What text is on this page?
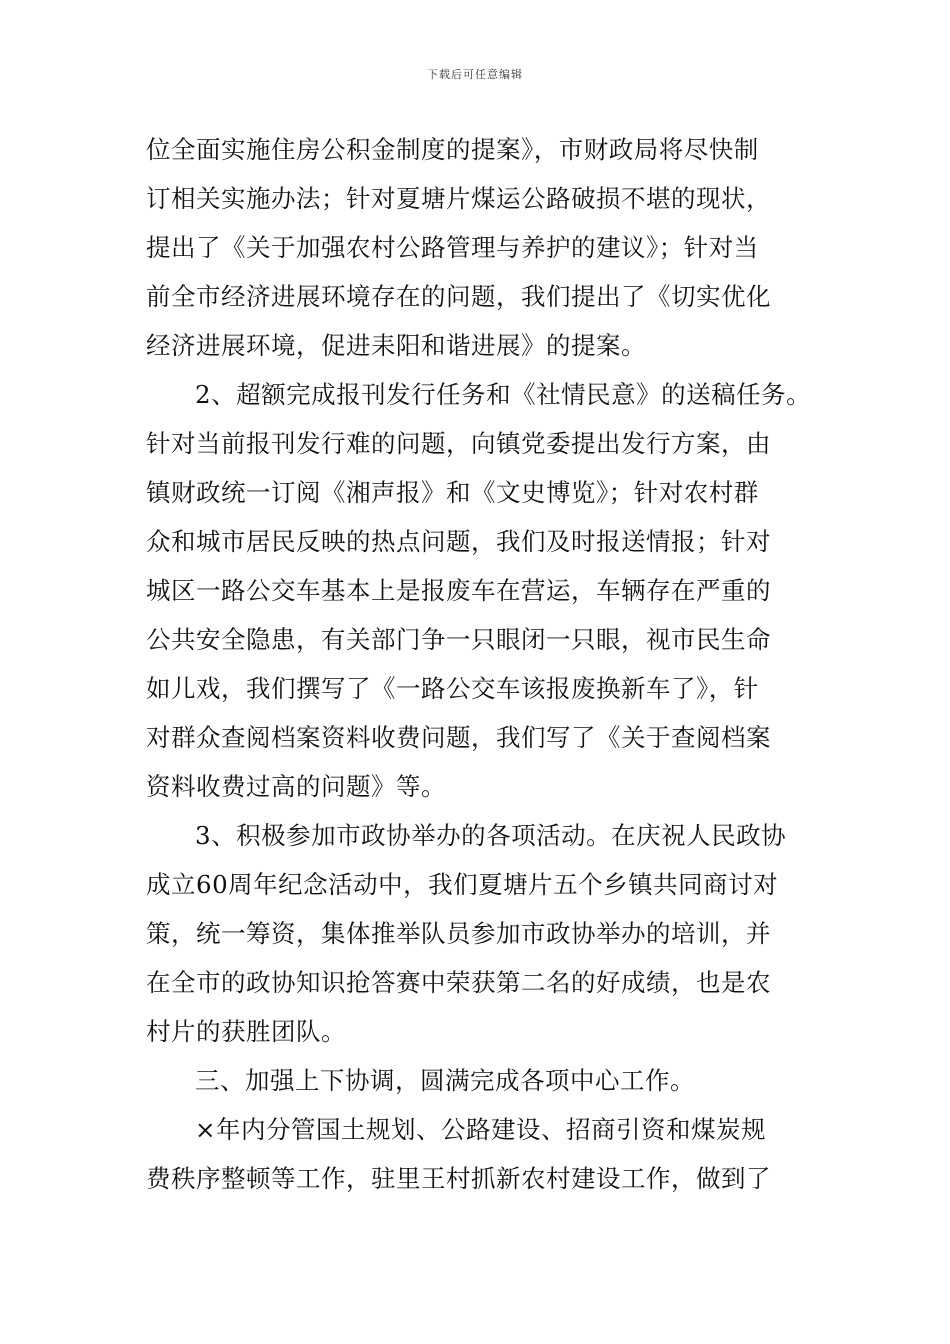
下载后可任意编辑
位全面实施住房公积金制度的提案》，市财政局将尽快制
订相关实施办法；针对夏塘片煤运公路破损不堪的现状，
提出了《关于加强农村公路管理与养护的建议》；针对当
前全市经济进展环境存在的问题，我们提出了《切实优化
经济进展环境，促进耒阳和谐进展》的提案。
2、超额完成报刊发行任务和《社情民意》的送稿任务。
针对当前报刊发行难的问题，向镇党委提出发行方案，由
镇财政统一订阅《湘声报》和《文史博览》；针对农村群
众和城市居民反映的热点问题，我们及时报送情报；针对
城区一路公交车基本上是报废车在营运，车辆存在严重的
公共安全隐患，有关部门争一只眼闭一只眼，视市民生命
如儿戏，我们撰写了《一路公交车该报废换新车了》，针
对群众查阅档案资料收费问题，我们写了《关于查阅档案
资料收费过高的问题》等。
3、积极参加市政协举办的各项活动。在庆祝人民政协
成立60周年纪念活动中，我们夏塘片五个乡镇共同商讨对
策，统一筹资，集体推举队员参加市政协举办的培训，并
在全市的政协知识抢答赛中荣获第二名的好成绩，也是农
村片的获胜团队。
三、加强上下协调，圆满完成各项中心工作。
×年内分管国土规划、公路建设、招商引资和煤炭规
费秩序整顿等工作，驻里王村抓新农村建设工作，做到了
